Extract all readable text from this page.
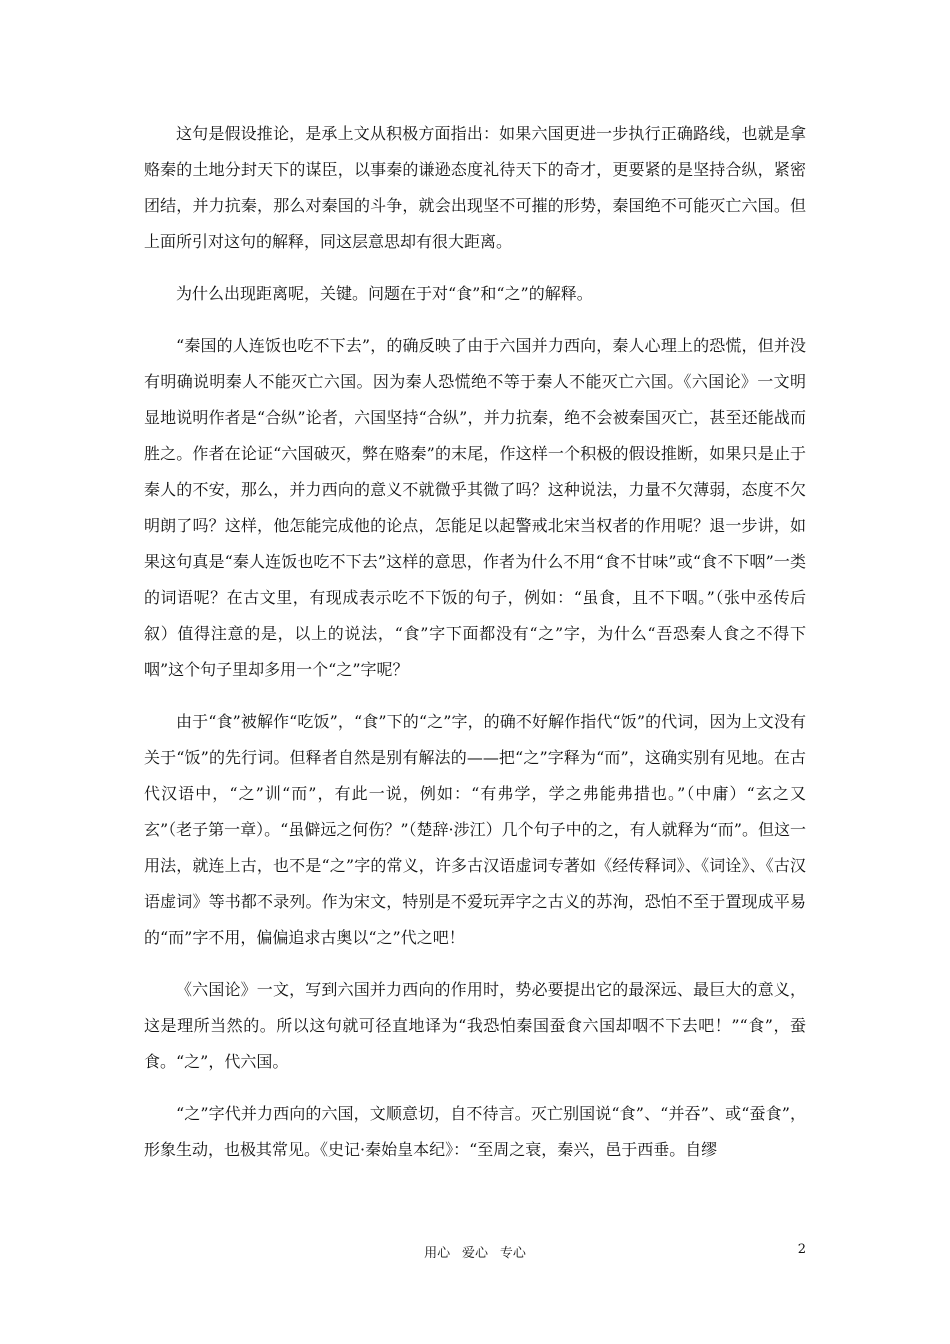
这句是假设推论，是承上文从积极方面指出：如果六国更进一步执行正确路线，也就是拿赂秦的土地分封天下的谋臣，以事秦的谦逊态度礼待天下的奇才，更要紧的是坚持合纵，紧密团结，并力抗秦，那么对秦国的斗争，就会出现坚不可摧的形势，秦国绝不可能灭亡六国。但上面所引对这句的解释，同这层意思却有很大距离。

为什么出现距离呢，关键。问题在于对“食”和“之”的解释。

“秦国的人连饭也吃不下去”，的确反映了由于六国并力西向，秦人心理上的恐慌，但并没有明确说明秦人不能灭亡六国。因为秦人恐慌绝不等于秦人不能灭亡六国。《六国论》一文明显地说明作者是“合纵”论者，六国坚持“合纵”，并力抗秦，绝不会被秦国灭亡，甚至还能战而胜之。作者在论证“六国破灭，弊在赂秦”的末尾，作这样一个积极的假设推断，如果只是止于秦人的不安，那么，并力西向的意义不就微乎其微了吗？这种说法，力量不欠薄弱，态度不欠明朗了吗？这样，他怎能完成他的论点，怎能足以起警戒北宋当权者的作用呢？退一步讲，如果这句真是“秦人连饭也吃不下去”这样的意思，作者为什么不用“食不甘味”或“食不下咽”一类的词语呢？在古文里，有现成表示吃不下饭的句子，例如：“虽食，且不下咽。”（张中丞传后叙）值得注意的是，以上的说法，“食”字下面都没有“之”字，为什么“吾恐秦人食之不得下咽”这个句子里却多用一个“之”字呢？

由于“食”被解作“吃饭”，“食”下的“之”字，的确不好解作指代“饭”的代词，因为上文没有关于“饭”的先行词。但释者自然是别有解法的——把“之”字释为“而”，这确实别有见地。在古代汉语中，“之”训“而”，有此一说，例如：“有弗学，学之弗能弗措也。”（中庸）“玄之又玄”（老子第一章）。“虽僻远之何伤？”（楚辞·涉江）几个句子中的之，有人就释为“而”。但这一用法，就连上古，也不是“之”字的常义，许多古汉语虚词专著如《经传释词》、《词诠》、《古汉语虚词》等书都不录列。作为宋文，特别是不爱玩弄字之古义的苏洵，恐怕不至于置现成平易的“而”字不用，偏偏追求古奥以“之”代之吧！

《六国论》一文，写到六国并力西向的作用时，势必要提出它的最深远、最巨大的意义，这是理所当然的。所以这句就可径直地译为“我恐怕秦国蚕食六国却咽不下去吧！”“食”，蚕食。“之”，代六国。

“之”字代并力西向的六国，文顺意切，自不待言。灭亡别国说“食”、“并吞”、或“蚕食”，形象生动，也极其常见。《史记·秦始皇本纪》：“至周之衰，秦兴，邑于西垂。自缪

用心 爱心 专心	2
